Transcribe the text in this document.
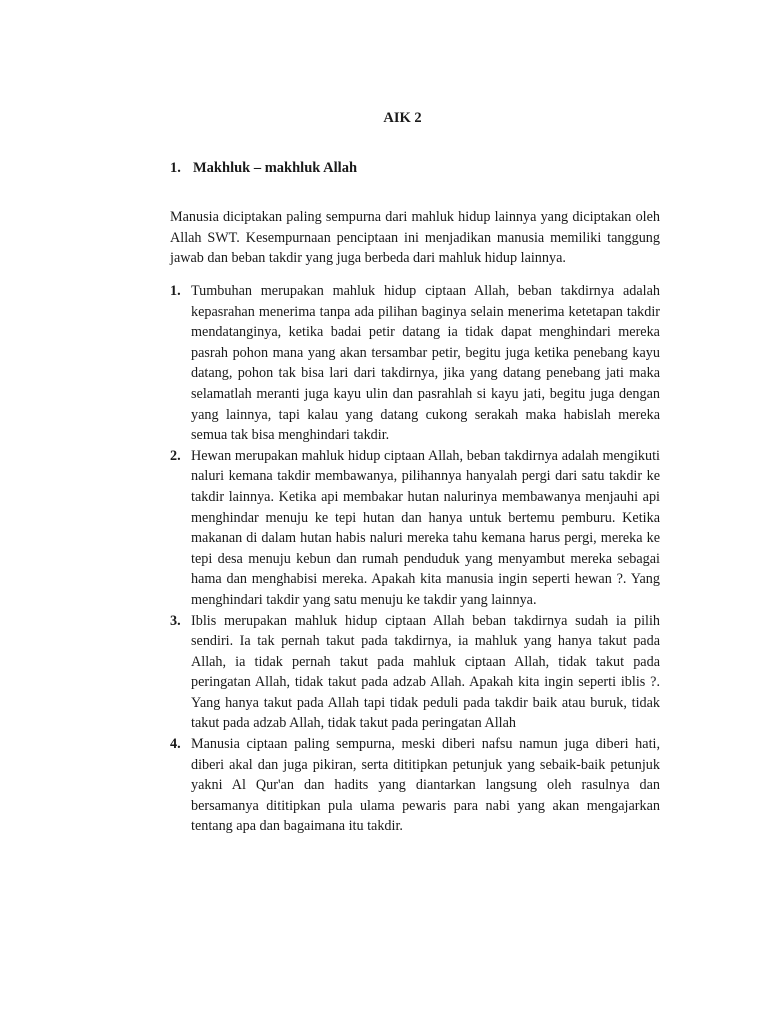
AIK 2
1. Makhluk – makhluk Allah

Manusia diciptakan paling sempurna dari mahluk hidup lainnya yang diciptakan oleh Allah SWT. Kesempurnaan penciptaan ini menjadikan manusia memiliki tanggung jawab dan beban takdir yang juga berbeda dari mahluk hidup lainnya.

1. Tumbuhan merupakan mahluk hidup ciptaan Allah, beban takdirnya adalah kepasrahan menerima tanpa ada pilihan baginya selain menerima ketetapan takdir mendatanginya, ketika badai petir datang ia tidak dapat menghindari mereka pasrah pohon mana yang akan tersambar petir, begitu juga ketika penebang kayu datang, pohon tak bisa lari dari takdirnya, jika yang datang penebang jati maka selamatlah meranti juga kayu ulin dan pasrahlah si kayu jati, begitu juga dengan yang lainnya, tapi kalau yang datang cukong serakah maka habislah mereka semua tak bisa menghindari takdir.
2. Hewan merupakan mahluk hidup ciptaan Allah, beban takdirnya adalah mengikuti naluri kemana takdir membawanya, pilihannya hanyalah pergi dari satu takdir ke takdir lainnya. Ketika api membakar hutan nalurinya membawanya menjauhi api menghindar menuju ke tepi hutan dan hanya untuk bertemu pemburu. Ketika makanan di dalam hutan habis naluri mereka tahu kemana harus pergi, mereka ke tepi desa menuju kebun dan rumah penduduk yang menyambut mereka sebagai hama dan menghabisi mereka. Apakah kita manusia ingin seperti hewan ?. Yang menghindari takdir yang satu menuju ke takdir yang lainnya.
3. Iblis merupakan mahluk hidup ciptaan Allah beban takdirnya sudah ia pilih sendiri. Ia tak pernah takut pada takdirnya, ia mahluk yang hanya takut pada Allah, ia tidak pernah takut pada mahluk ciptaan Allah, tidak takut pada peringatan Allah, tidak takut pada adzab Allah. Apakah kita ingin seperti iblis ?. Yang hanya takut pada Allah tapi tidak peduli pada takdir baik atau buruk, tidak takut pada adzab Allah, tidak takut pada peringatan Allah
4. Manusia ciptaan paling sempurna, meski diberi nafsu namun juga diberi hati, diberi akal dan juga pikiran, serta dititipkan petunjuk yang sebaik-baik petunjuk yakni Al Qur'an dan hadits yang diantarkan langsung oleh rasulnya dan bersamanya dititipkan pula ulama pewaris para nabi yang akan mengajarkan tentang apa dan bagaimana itu takdir.
